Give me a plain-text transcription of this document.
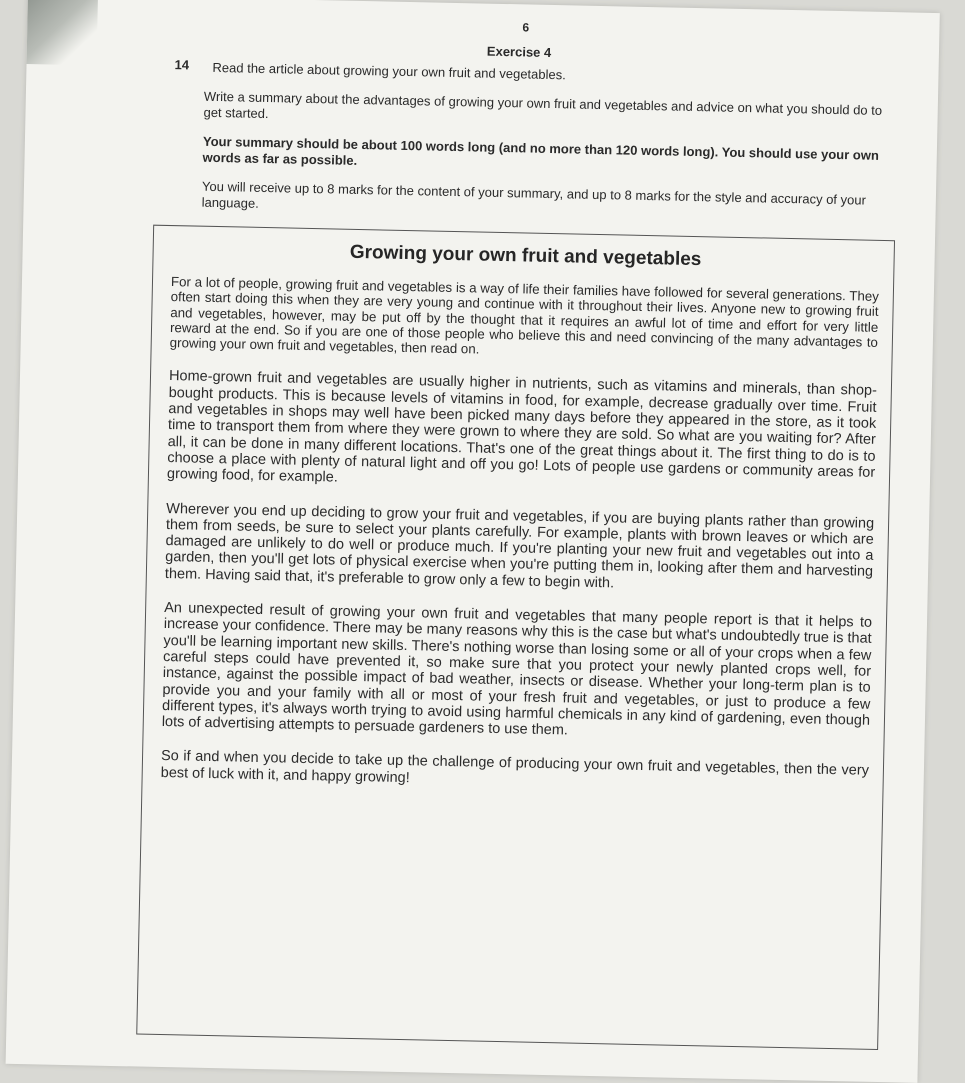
6

Exercise 4

14 Read the article about growing your own fruit and vegetables.

Write a summary about the advantages of growing your own fruit and vegetables and advice on what you should do to get started.

Your summary should be about 100 words long (and no more than 120 words long). You should use your own words as far as possible.

You will receive up to 8 marks for the content of your summary, and up to 8 marks for the style and accuracy of your language.

Growing your own fruit and vegetables

For a lot of people, growing fruit and vegetables is a way of life their families have followed for several generations. They often start doing this when they are very young and continue with it throughout their lives. Anyone new to growing fruit and vegetables, however, may be put off by the thought that it requires an awful lot of time and effort for very little reward at the end. So if you are one of those people who believe this and need convincing of the many advantages to growing your own fruit and vegetables, then read on.

Home-grown fruit and vegetables are usually higher in nutrients, such as vitamins and minerals, than shop-bought products. This is because levels of vitamins in food, for example, decrease gradually over time. Fruit and vegetables in shops may well have been picked many days before they appeared in the store, as it took time to transport them from where they were grown to where they are sold. So what are you waiting for? After all, it can be done in many different locations. That's one of the great things about it. The first thing to do is to choose a place with plenty of natural light and off you go! Lots of people use gardens or community areas for growing food, for example.

Wherever you end up deciding to grow your fruit and vegetables, if you are buying plants rather than growing them from seeds, be sure to select your plants carefully. For example, plants with brown leaves or which are damaged are unlikely to do well or produce much. If you're planting your new fruit and vegetables out into a garden, then you'll get lots of physical exercise when you're putting them in, looking after them and harvesting them. Having said that, it's preferable to grow only a few to begin with.

An unexpected result of growing your own fruit and vegetables that many people report is that it helps to increase your confidence. There may be many reasons why this is the case but what's undoubtedly true is that you'll be learning important new skills. There's nothing worse than losing some or all of your crops when a few careful steps could have prevented it, so make sure that you protect your newly planted crops well, for instance, against the possible impact of bad weather, insects or disease. Whether your long-term plan is to provide you and your family with all or most of your fresh fruit and vegetables, or just to produce a few different types, it's always worth trying to avoid using harmful chemicals in any kind of gardening, even though lots of advertising attempts to persuade gardeners to use them.

So if and when you decide to take up the challenge of producing your own fruit and vegetables, then the very best of luck with it, and happy growing!
